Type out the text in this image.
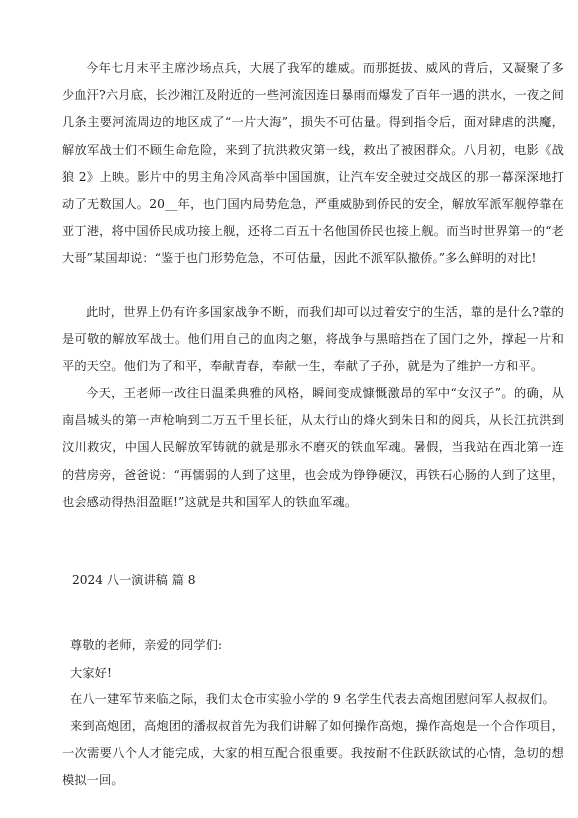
今年七月末平主席沙场点兵，大展了我军的雄威。而那挺拔、威风的背后，又凝聚了多少血汗?六月底，长沙湘江及附近的一些河流因连日暴雨而爆发了百年一遇的洪水，一夜之间几条主要河流周边的地区成了“一片大海”，损失不可估量。得到指令后，面对肆虐的洪魔，解放军战士们不顾生命危险，来到了抗洪救灾第一线，救出了被困群众。八月初，电影《战狼 2》上映。影片中的男主角冷风高举中国国旗，让汽车安全驶过交战区的那一幕深深地打动了无数国人。20__年，也门国内局势危急，严重威胁到侨民的安全，解放军派军舰停靠在亚丁港，将中国侨民成功接上舰，还将二百五十名他国侨民也接上舰。而当时世界第一的“老大哥”某国却说：“鉴于也门形势危急，不可估量，因此不派军队撤侨。”多么鲜明的对比!

此时，世界上仍有许多国家战争不断，而我们却可以过着安宁的生活，靠的是什么?靠的是可敬的解放军战士。他们用自己的血肉之躯，将战争与黑暗挡在了国门之外，撑起一片和平的天空。他们为了和平，奉献青春，奉献一生，奉献了子孙，就是为了维护一方和平。

今天，王老师一改往日温柔典雅的风格，瞬间变成慷慨激昂的军中“女汉子”。的确，从南昌城头的第一声枪响到二万五千里长征，从太行山的烽火到朱日和的阅兵，从长江抗洪到汶川救灾，中国人民解放军铸就的就是那永不磨灭的铁血军魂。暑假，当我站在西北第一连的营房旁，爸爸说：“再懦弱的人到了这里，也会成为铮铮硬汉，再铁石心肠的人到了这里，也会感动得热泪盈眶!”这就是共和国军人的铁血军魂。

2024 八一演讲稿 篇 8

尊敬的老师，亲爱的同学们:

大家好!

在八一建军节来临之际，我们太仓市实验小学的 9 名学生代表去高炮团慰问军人叔叔们。

来到高炮团，高炮团的潘叔叔首先为我们讲解了如何操作高炮，操作高炮是一个合作项目，一次需要八个人才能完成，大家的相互配合很重要。我按耐不住跃跃欲试的心情，急切的想模拟一回。
